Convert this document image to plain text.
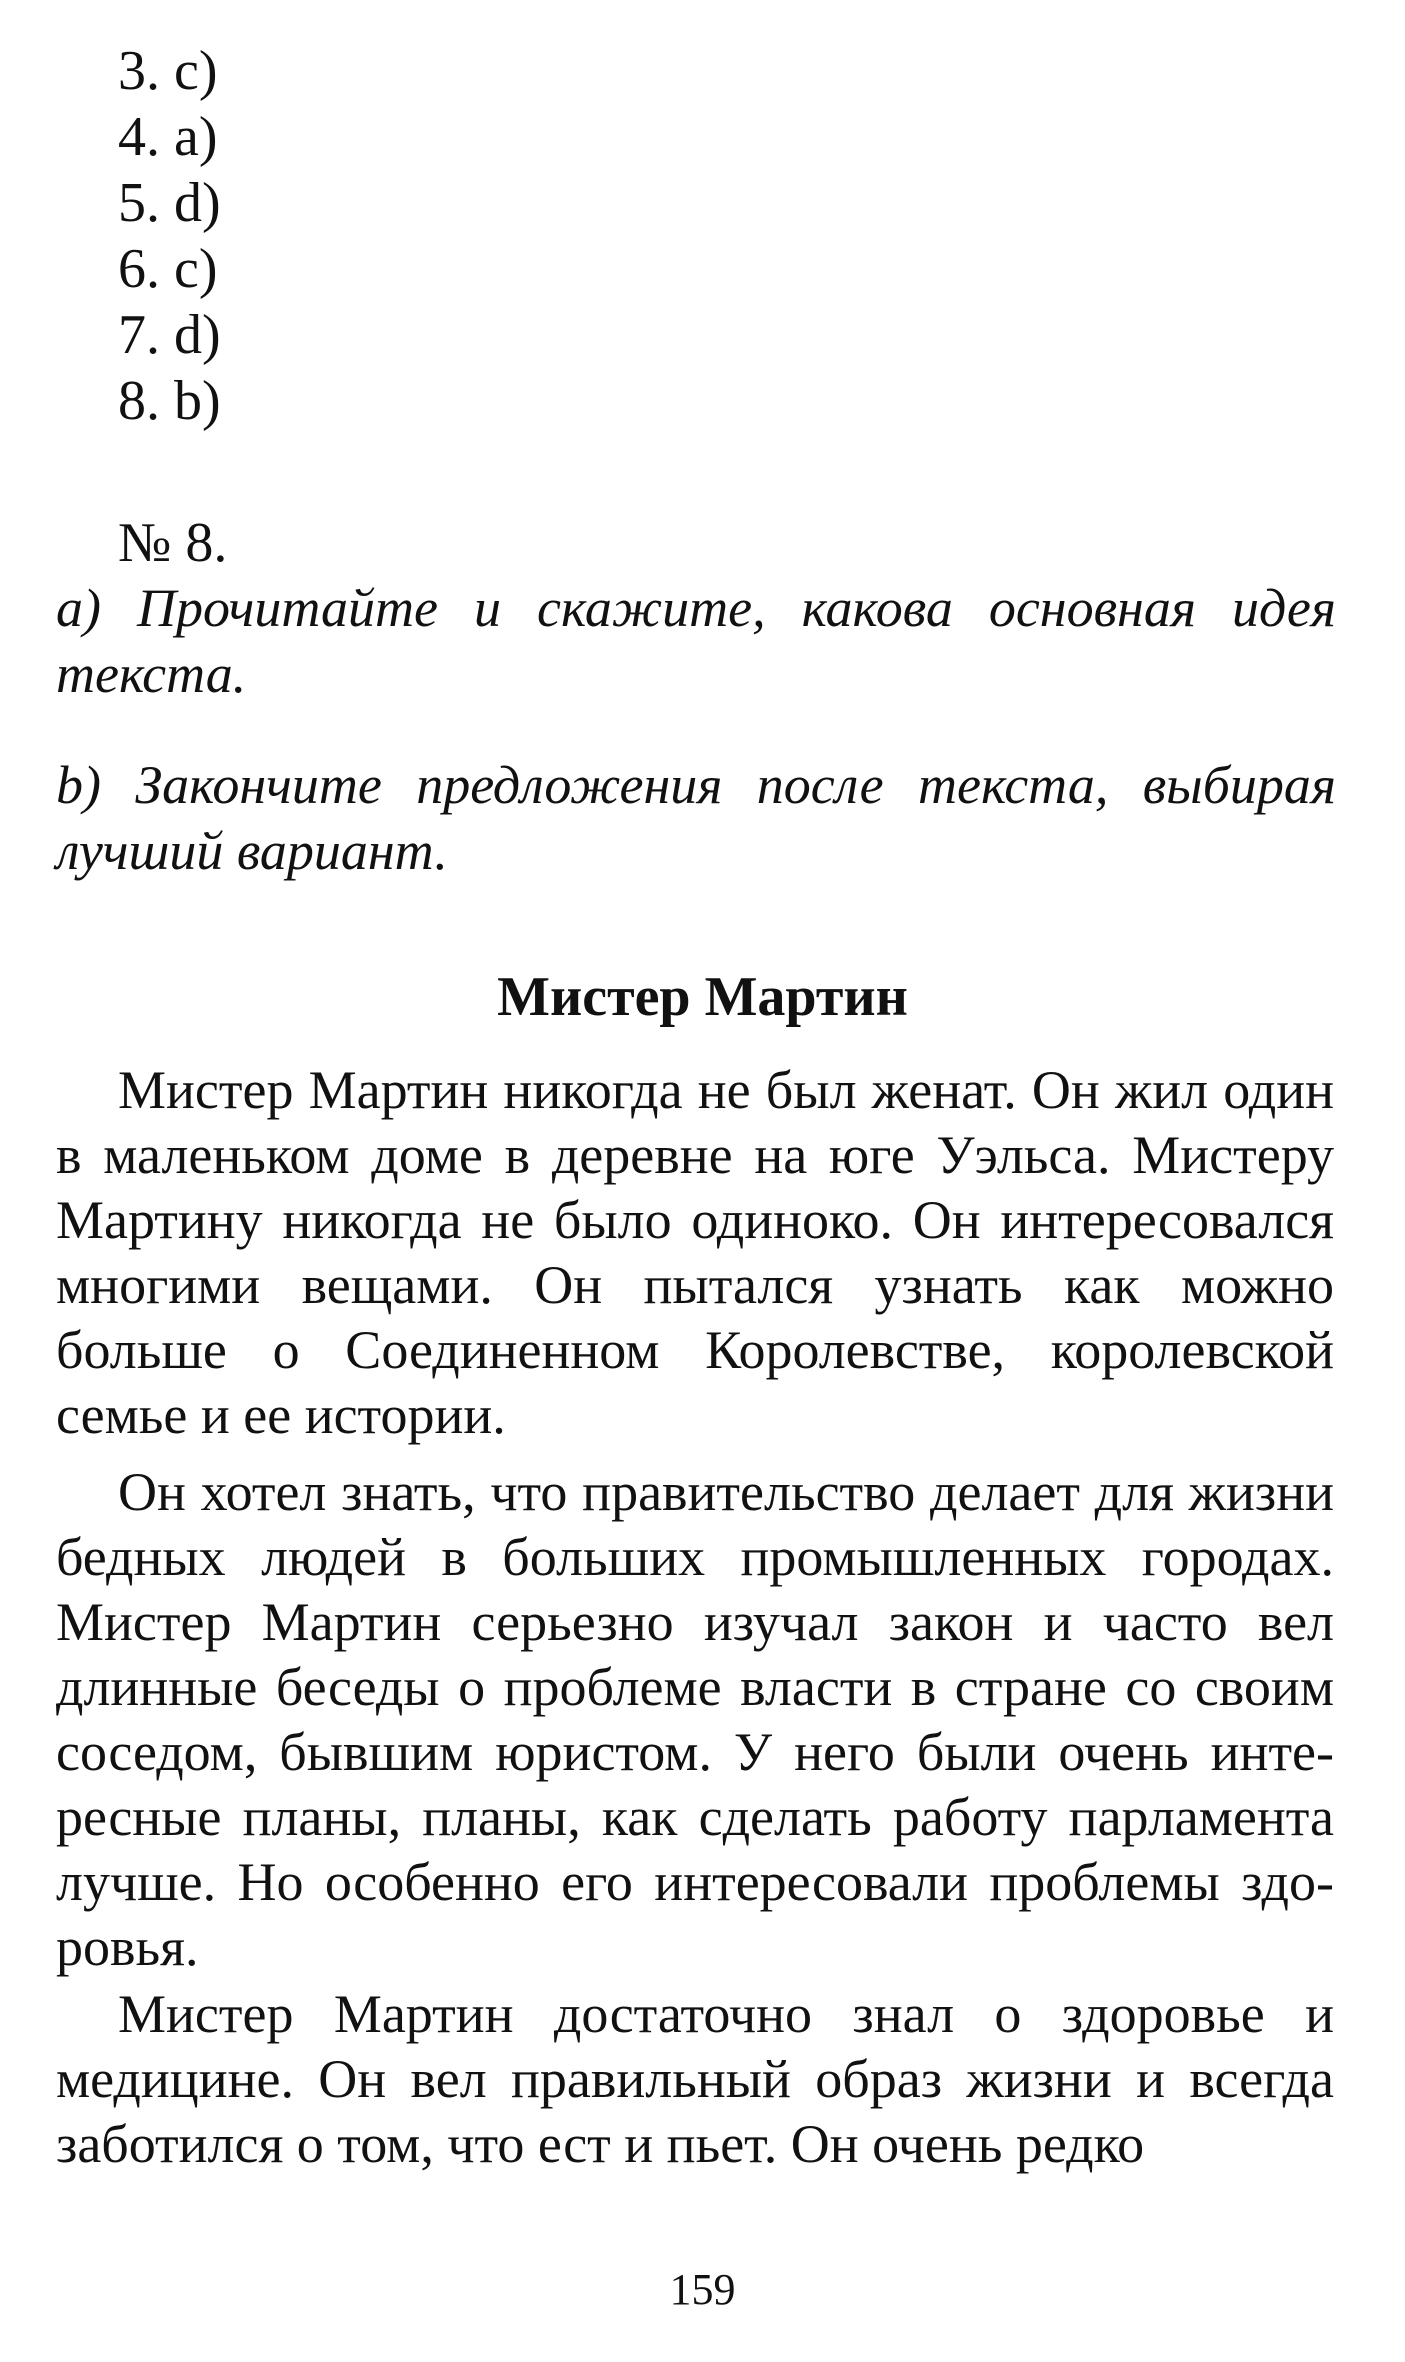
3. c)
4. a)
5. d)
6. c)
7. d)
8. b)
№ 8.
a) Прочитайте и скажите, какова основная идея текста.
b) Закончите предложения после текста, выбирая лучший вариант.
Мистер Мартин

Мистер Мартин никогда не был женат. Он жил один в маленьком доме в деревне на юге Уэльса. Мистеру Мартину никогда не было одиноко. Он интересовался многими вещами. Он пытался узнать как можно больше о Соединенном Королевстве, королевской семье и ее истории.

Он хотел знать, что правительство делает для жизни бедных людей в больших промышленных городах. Мистер Мартин серьезно изучал закон и часто вел длинные беседы о проблеме власти в стране со своим соседом, бывшим юристом. У него были очень интересные планы, планы, как сделать работу парламента лучше. Но особенно его интересовали проблемы здоровья.

Мистер Мартин достаточно знал о здоровье и медицине. Он вел правильный образ жизни и всегда заботился о том, что ест и пьет. Он очень редко

159
